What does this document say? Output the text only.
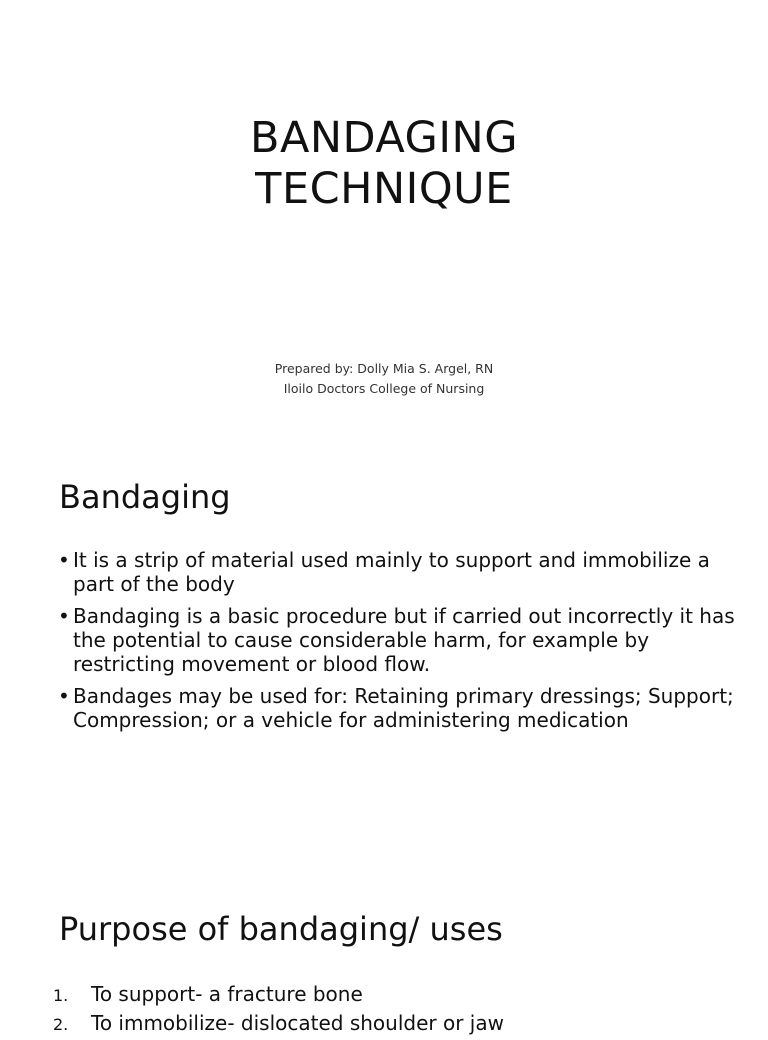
BANDAGING
TECHNIQUE
Prepared by: Dolly Mia S. Argel, RN
Iloilo Doctors College of Nursing
Bandaging
• It is a strip of material used mainly to support and immobilize a part of the body
• Bandaging is a basic procedure but if carried out incorrectly it has the potential to cause considerable harm, for example by restricting movement or blood flow.
• Bandages may be used for: Retaining primary dressings; Support; Compression; or a vehicle for administering medication
Purpose of bandaging/ uses
1. To support- a fracture bone
2. To immobilize- dislocated shoulder or jaw
